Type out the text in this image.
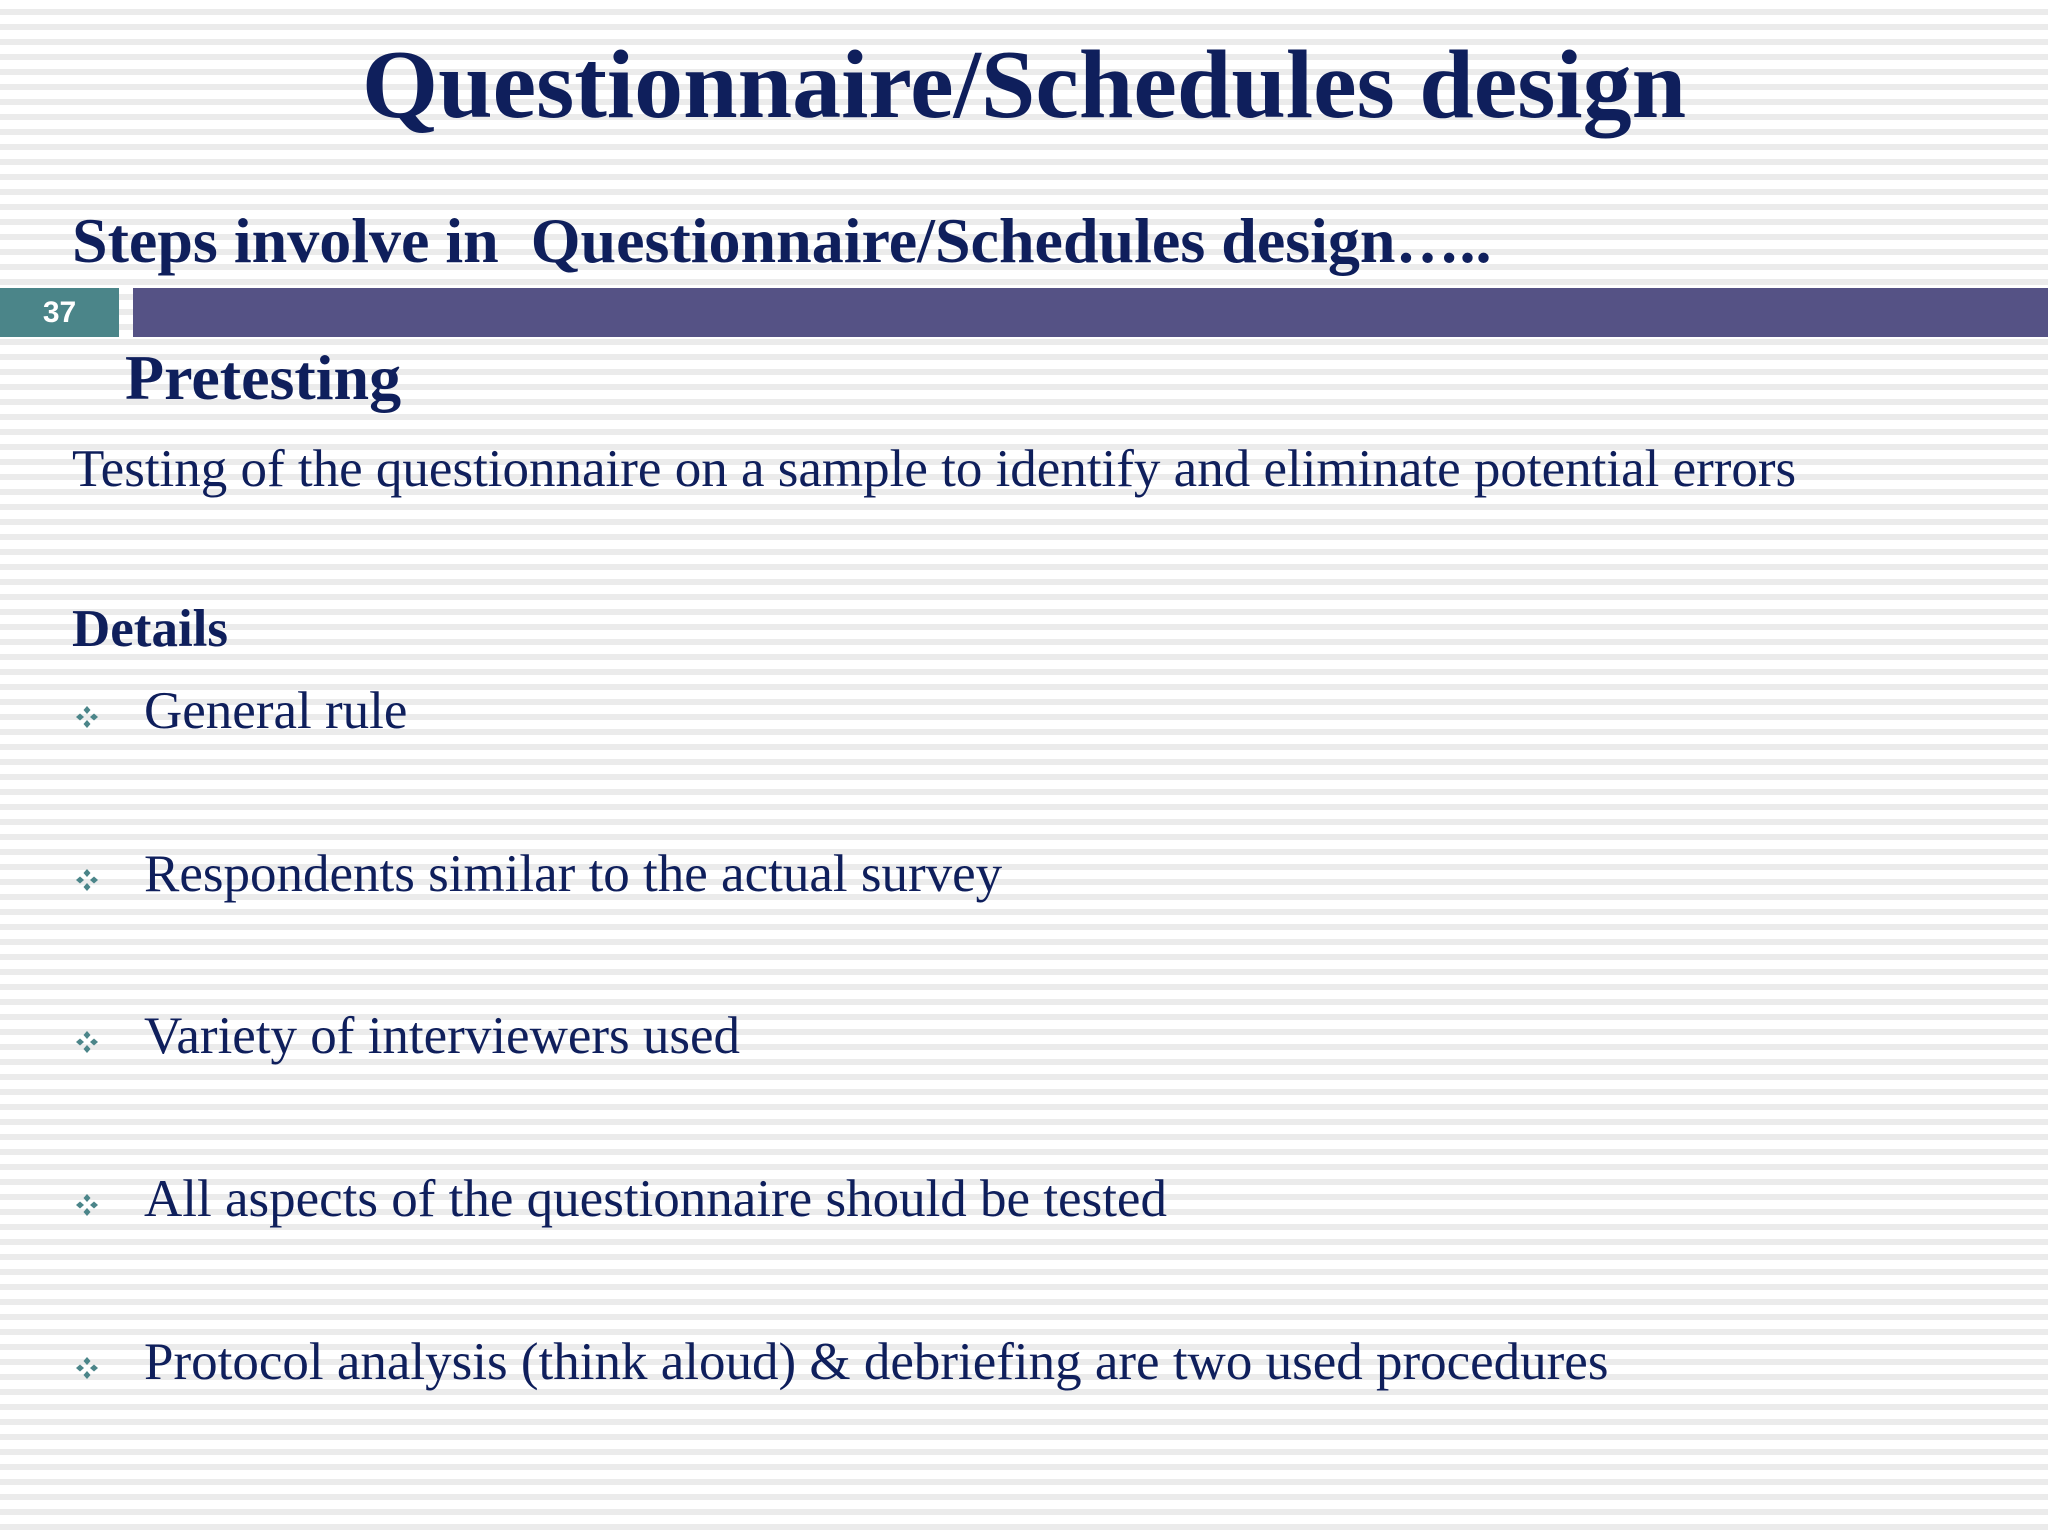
Questionnaire/Schedules design
Steps involve in  Questionnaire/Schedules design…..
37
Pretesting
Testing of the questionnaire on a sample to identify and eliminate potential errors
Details
General rule
Respondents similar to the actual survey
Variety of interviewers used
All aspects of the questionnaire should be tested
Protocol analysis (think aloud) & debriefing are two used procedures
